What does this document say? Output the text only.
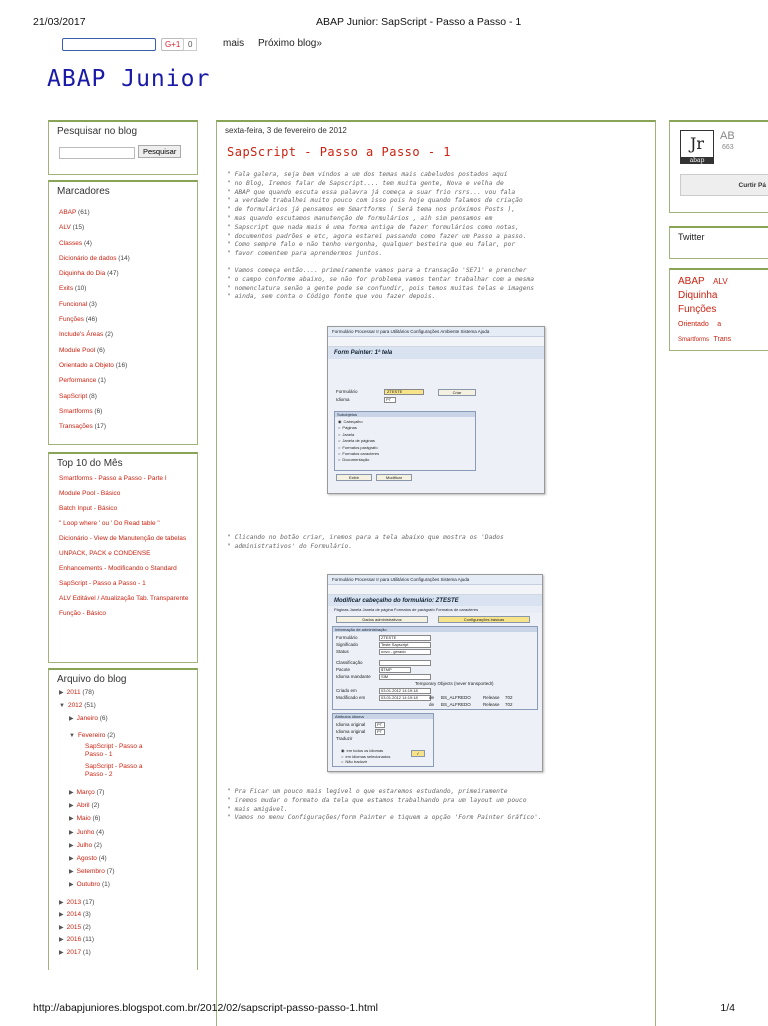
21/03/2017	ABAP Junior: SapScript - Passo a Passo - 1
G+1 0	mais Próximo blog»
ABAP Junior
Pesquisar no blog
Pesquisar
Marcadores
ABAP (61)
ALV (15)
Classes (4)
Dicionário de dados (14)
Diquinha do Dia (47)
Exits (10)
Funcional (3)
Funções (46)
Include's Áreas (2)
Module Pool (6)
Orientado a Objeto (16)
Performance (1)
SapScript (8)
Smartforms (6)
Transações (17)
Top 10 do Mês
Smartforms - Passo a Passo - Parte I
Module Pool - Básico
Batch Input - Básico
" Loop where ' ou ' Do Read table "
Dicionário - View de Manutenção de tabelas
UNPACK, PACK e CONDENSE
Enhancements - Modificando o Standard
SapScript - Passo a Passo - 1
ALV Editável / Atualização Tab. Transparente
Função - Básico
Arquivo do blog
▶ 2011 (78)
▼ 2012 (51)
▶ Janeiro (6)
▼ Fevereiro (2)
SapScript - Passo a Passo - 1
SapScript - Passo a Passo - 2
▶ Março (7)
▶ Abril (2)
▶ Maio (6)
▶ Junho (4)
▶ Julho (2)
▶ Agosto (4)
▶ Setembro (7)
▶ Outubro (1)
▶ 2013 (17)
▶ 2014 (3)
▶ 2015 (2)
▶ 2016 (11)
▶ 2017 (1)
sexta-feira, 3 de fevereiro de 2012
SapScript - Passo a Passo - 1

" Fala galera, seja bem vindos a um dos temas mais cabeludos postados aqui

" no Blog, Iremos falar de Sapscript.... tem muita gente, Nova e velha de

" ABAP que quando escuta essa palavra já começa a suar frio rsrs... vou fala

" a verdade trabalhei muito pouco com isso pois hoje quando falamos de criação

" de formulários já pensamos em Smartforms ( Será tema nos próximos Posts ),

" mas quando escutamos manutenção de formulários , aih sim pensamos em

" Sapscript que nada mais é uma forma antiga de fazer formulários como notas,

" documentos padrões e etc, agora estarei passando como fazer um Passo a passo.

" Como sempre falo e não tenho vergonha, qualquer besteira que eu falar, por

" favor comentem para aprendermos juntos.

" Vamos começa então.... primeiramente vamos para a transação 'SE71' e prencher

" o campo conforme abaixo, se não for problema vamos tentar trabalhar com a mesma

" nomenclatura senão a gente pode se confundir, pois temos muitas telas e imagens

" ainda, sem conta o Código fonte que vou fazer depois.

" Clicando no botão criar, iremos para a tela abaixo que mostra os 'Dados

" administrativos' do Formulário.

" Pra Ficar um pouco mais legível o que estaremos estudando, primeiramente

" iremos mudar o formato da tela que estamos trabalhando pra um layout um pouco

" mais amigável.

" Vamos no menu Configurações/form Painter e tiquem a opção 'Form Painter Gráfico'.

Formulário Processar Ir para Utilitários Configurações Ambiente Sistema Ajuda
Form Painter: 1ª tela
Formulário	ZTESTE	Criar
Idioma	PT
Subobjetos
◉ Cabeçalho
○ Páginas
○ Janela
○ Janela de páginas
○ Formatos parágrafo
○ Formatos caracteres
○ Documentação
Exibir	Modificar
Formulário Processar Ir para Utilitários Configurações Sistema Ajuda
Modificar cabeçalho do formulário: ZTESTE
Páginas Janela Janela de página Formatos de parágrafo Formatos de caracteres
Dados administrativos	Configurações básicas
Informação de administração
Formulário	ZTESTE
Significado	Teste Sapscript
Status	novo - gerado
Classificação
Pacote	$TMP
Idioma mandante	SIM
Criado em	03.01.2012 14:19:18
Modificado em	03.01.2012 14:19:18
Temporary Objects (never transported!)
de BS_ALFREDO	Release 702
de BS_ALFREDO	Release 702
Atributos idioma
Idioma original	PT
Idioma original	PT
Traduzir
◉ em todos os idiomas
○ em idiomas selecionados
○ Não traduzir
✓
Jr
abap
AB
663
Curtir Pá
Twitter
ABAP ALV
Diquinha
Funções
Orientado a
Smartforms Trans
http://abapjuniores.blogspot.com.br/2012/02/sapscript-passo-passo-1.html	1/4
